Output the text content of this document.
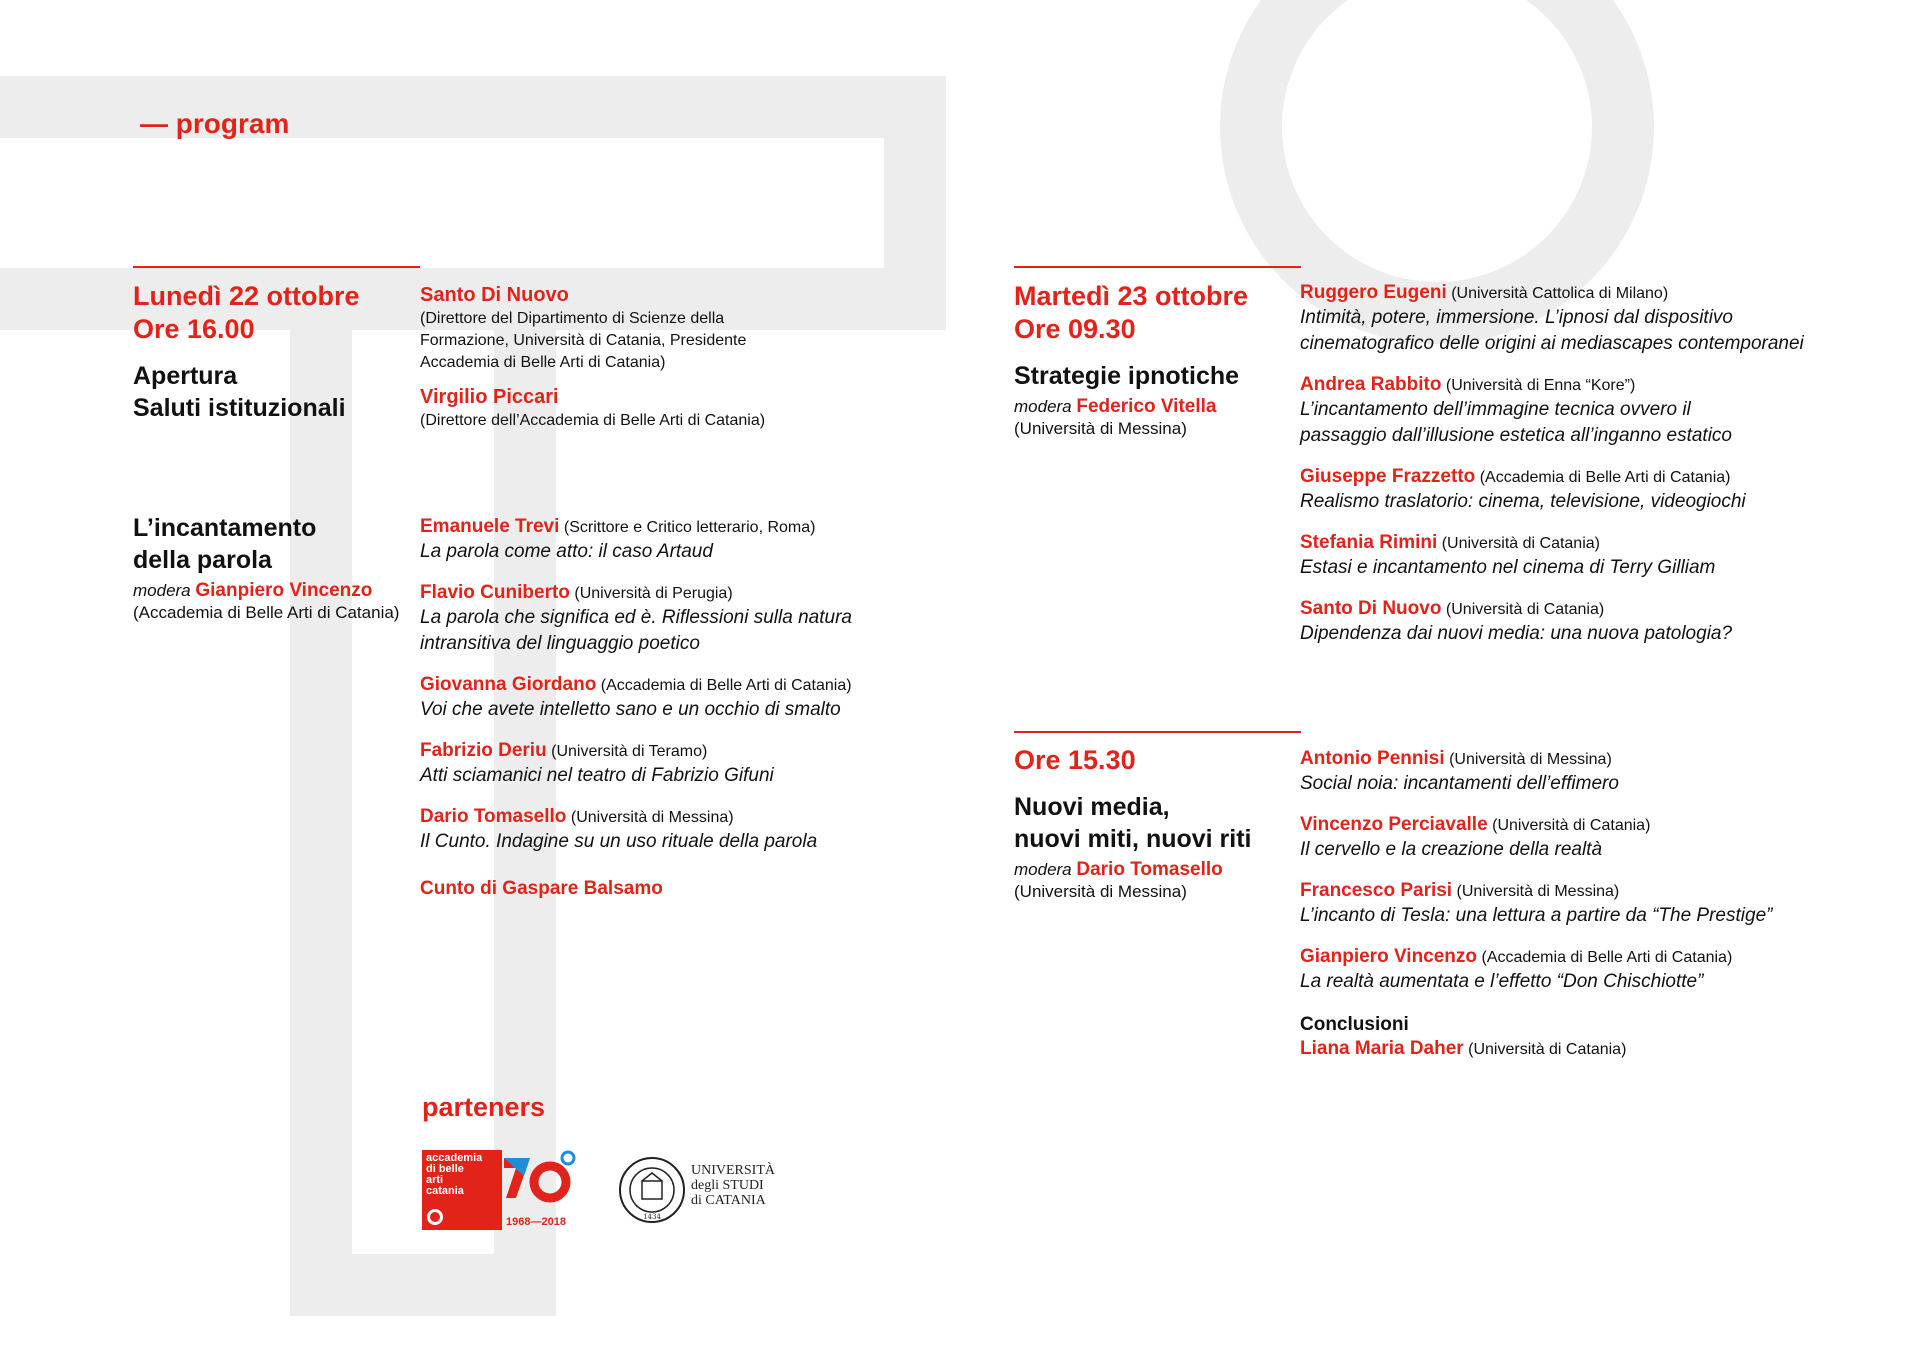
— program
Lunedì 22 ottobre
Ore 16.00
Apertura
Saluti istituzionali
Santo Di Nuovo
(Direttore del Dipartimento di Scienze della Formazione, Università di Catania, Presidente Accademia di Belle Arti di Catania)
Virgilio Piccari
(Direttore dell’Accademia di Belle Arti di Catania)
L’incantamento
della parola
modera Gianpiero Vincenzo
(Accademia di Belle Arti di Catania)
Emanuele Trevi (Scrittore e Critico letterario, Roma)
La parola come atto: il caso Artaud
Flavio Cuniberto (Università di Perugia)
La parola che significa ed è. Riflessioni sulla natura intransitiva del linguaggio poetico
Giovanna Giordano (Accademia di Belle Arti di Catania)
Voi che avete intelletto sano e un occhio di smalto
Fabrizio Deriu (Università di Teramo)
Atti sciamanici nel teatro di Fabrizio Gifuni
Dario Tomasello (Università di Messina)
Il Cunto. Indagine su un uso rituale della parola
Cunto di Gaspare Balsamo
parteners
accademia
di belle
arti
catania
1968—2018	1434
UNIVERSITÀ
degli STUDI
di CATANIA
Martedì 23 ottobre
Ore 09.30
Strategie ipnotiche
modera Federico Vitella
(Università di Messina)
Ruggero Eugeni (Università Cattolica di Milano)
Intimità, potere, immersione. L’ipnosi dal dispositivo cinematografico delle origini ai mediascapes contemporanei
Andrea Rabbito (Università di Enna “Kore”)
L’incantamento dell’immagine tecnica ovvero il passaggio dall’illusione estetica all’inganno estatico
Giuseppe Frazzetto (Accademia di Belle Arti di Catania)
Realismo traslatorio: cinema, televisione, videogiochi
Stefania Rimini (Università di Catania)
Estasi e incantamento nel cinema di Terry Gilliam
Santo Di Nuovo (Università di Catania)
Dipendenza dai nuovi media: una nuova patologia?
Ore 15.30
Nuovi media,
nuovi miti, nuovi riti
modera Dario Tomasello
(Università di Messina)
Antonio Pennisi (Università di Messina)
Social noia: incantamenti dell’effimero
Vincenzo Perciavalle (Università di Catania)
Il cervello e la creazione della realtà
Francesco Parisi (Università di Messina)
L’incanto di Tesla: una lettura a partire da “The Prestige”
Gianpiero Vincenzo (Accademia di Belle Arti di Catania)
La realtà aumentata e l’effetto “Don Chischiotte”
Conclusioni
Liana Maria Daher (Università di Catania)
